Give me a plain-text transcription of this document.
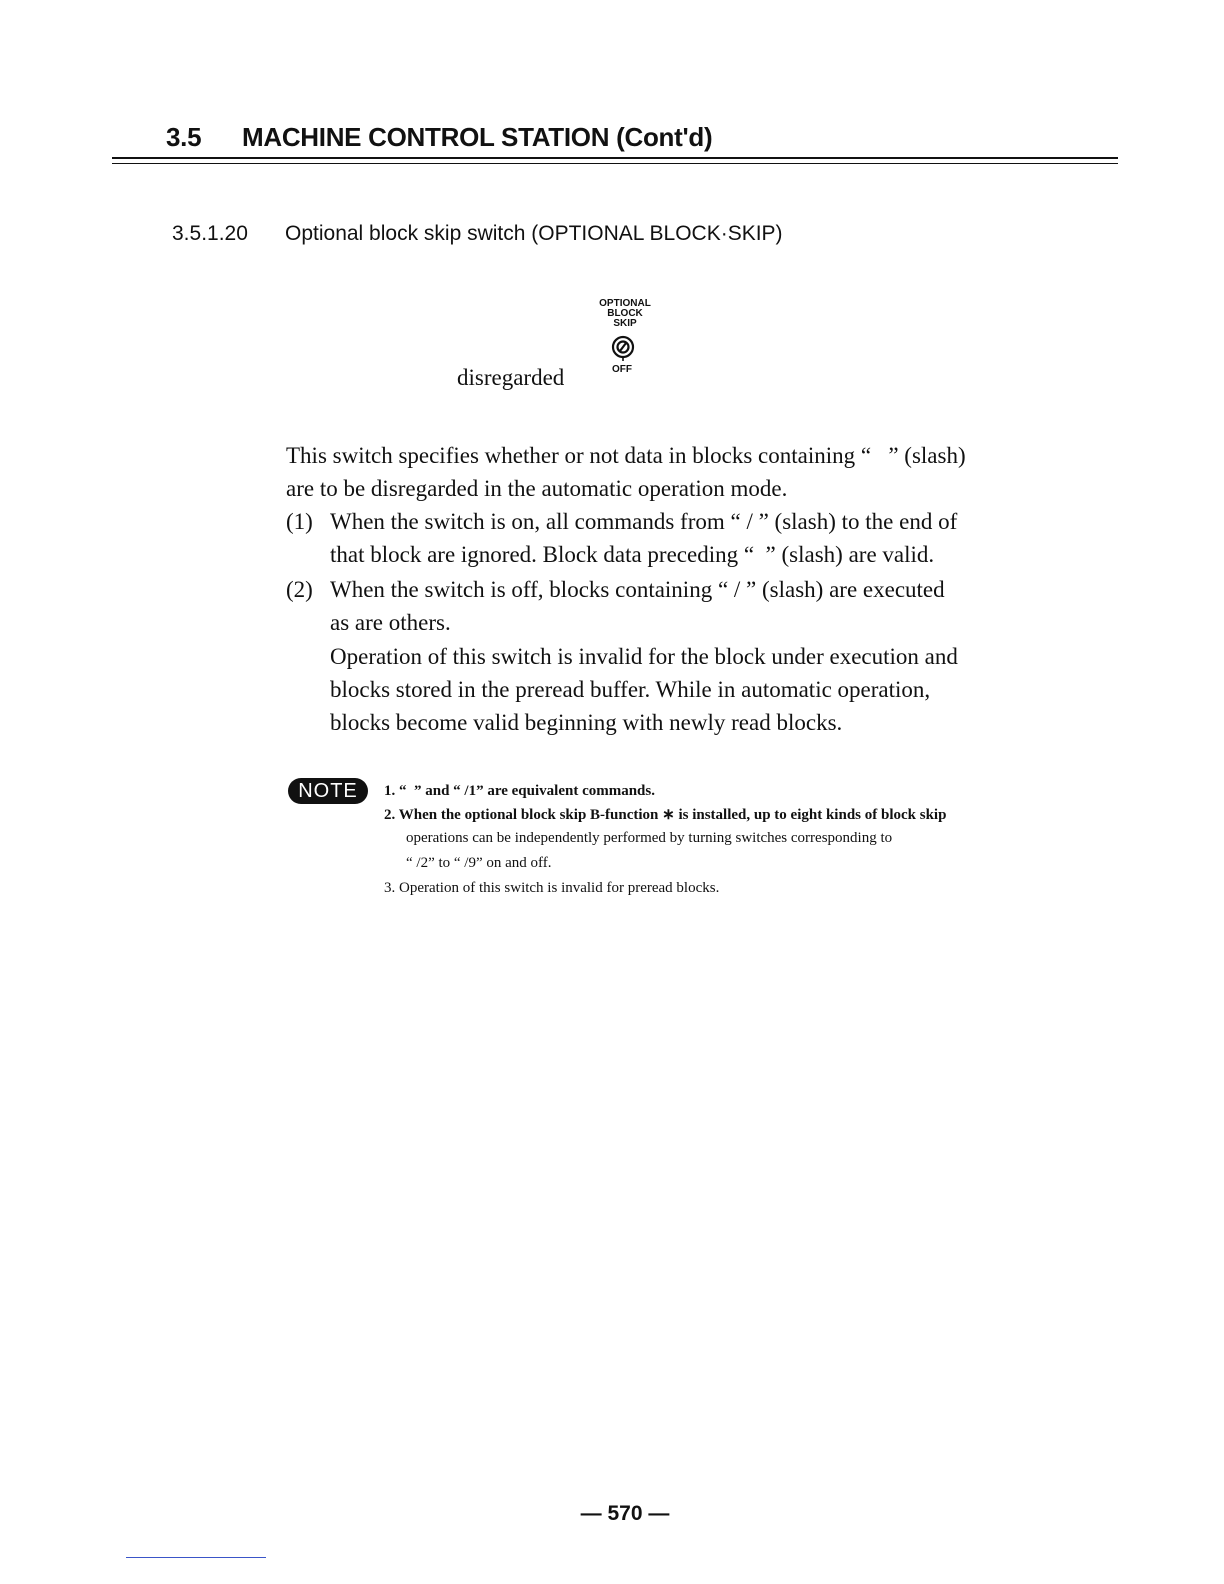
3.5 MACHINE CONTROL STATION (Cont'd)
3.5.1.20 Optional block skip switch (OPTIONAL BLOCK·SKIP)
OPTIONAL
BLOCK
SKIP
OFF
disregarded
This switch specifies whether or not data in blocks containing “   ” (slash)
are to be disregarded in the automatic operation mode.
(1) When the switch is on, all commands from “ / ” (slash) to the end of
that block are ignored. Block data preceding “  ” (slash) are valid.
(2) When the switch is off, blocks containing “ / ” (slash) are executed
as are others.
Operation of this switch is invalid for the block under execution and
blocks stored in the preread buffer. While in automatic operation,
blocks become valid beginning with newly read blocks.
NOTE	1. “  ” and “ /1” are equivalent commands.
2. When the optional block skip B-function ∗ is installed, up to eight kinds of block skip
operations can be independently performed by turning switches corresponding to
“ /2” to “ /9” on and off.
3. Operation of this switch is invalid for preread blocks.
— 570 —
